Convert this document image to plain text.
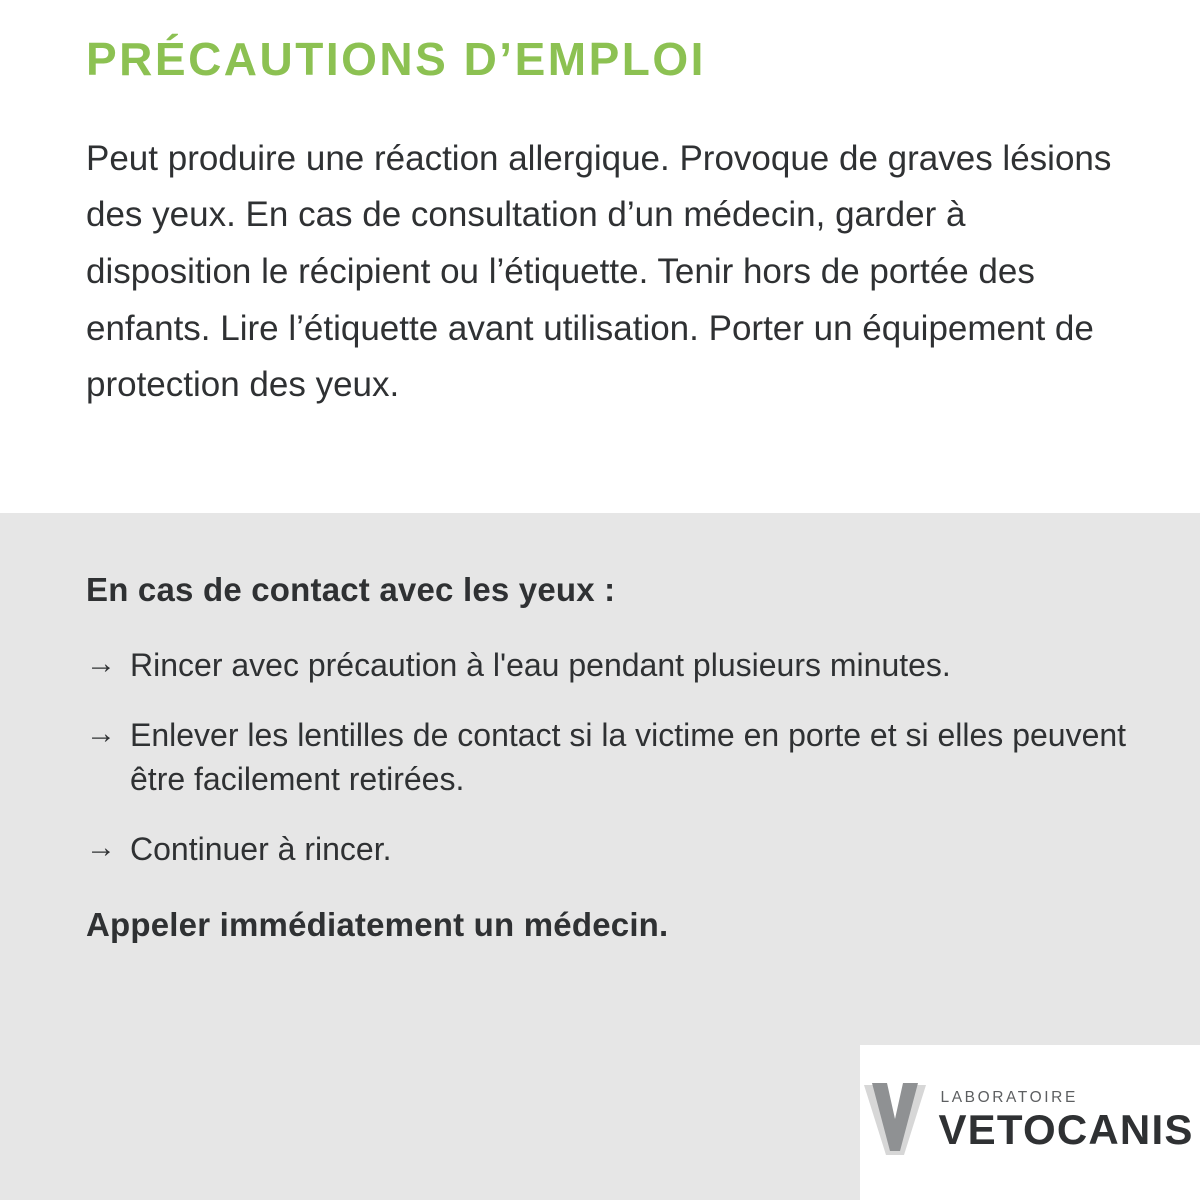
PRÉCAUTIONS D’EMPLOI

Peut produire une réaction allergique. Provoque de graves lésions des yeux. En cas de consultation d’un médecin, garder à disposition le récipient ou l’étiquette. Tenir hors de portée des enfants. Lire l’étiquette avant utilisation. Porter un équipement de protection des yeux.

En cas de contact avec les yeux :
→ Rincer avec précaution à l'eau pendant plusieurs minutes.
→ Enlever les lentilles de contact si la victime en porte et si elles peuvent être facilement retirées.
→ Continuer à rincer.

Appeler immédiatement un médecin.

LABORATOIRE
VETOCANIS
